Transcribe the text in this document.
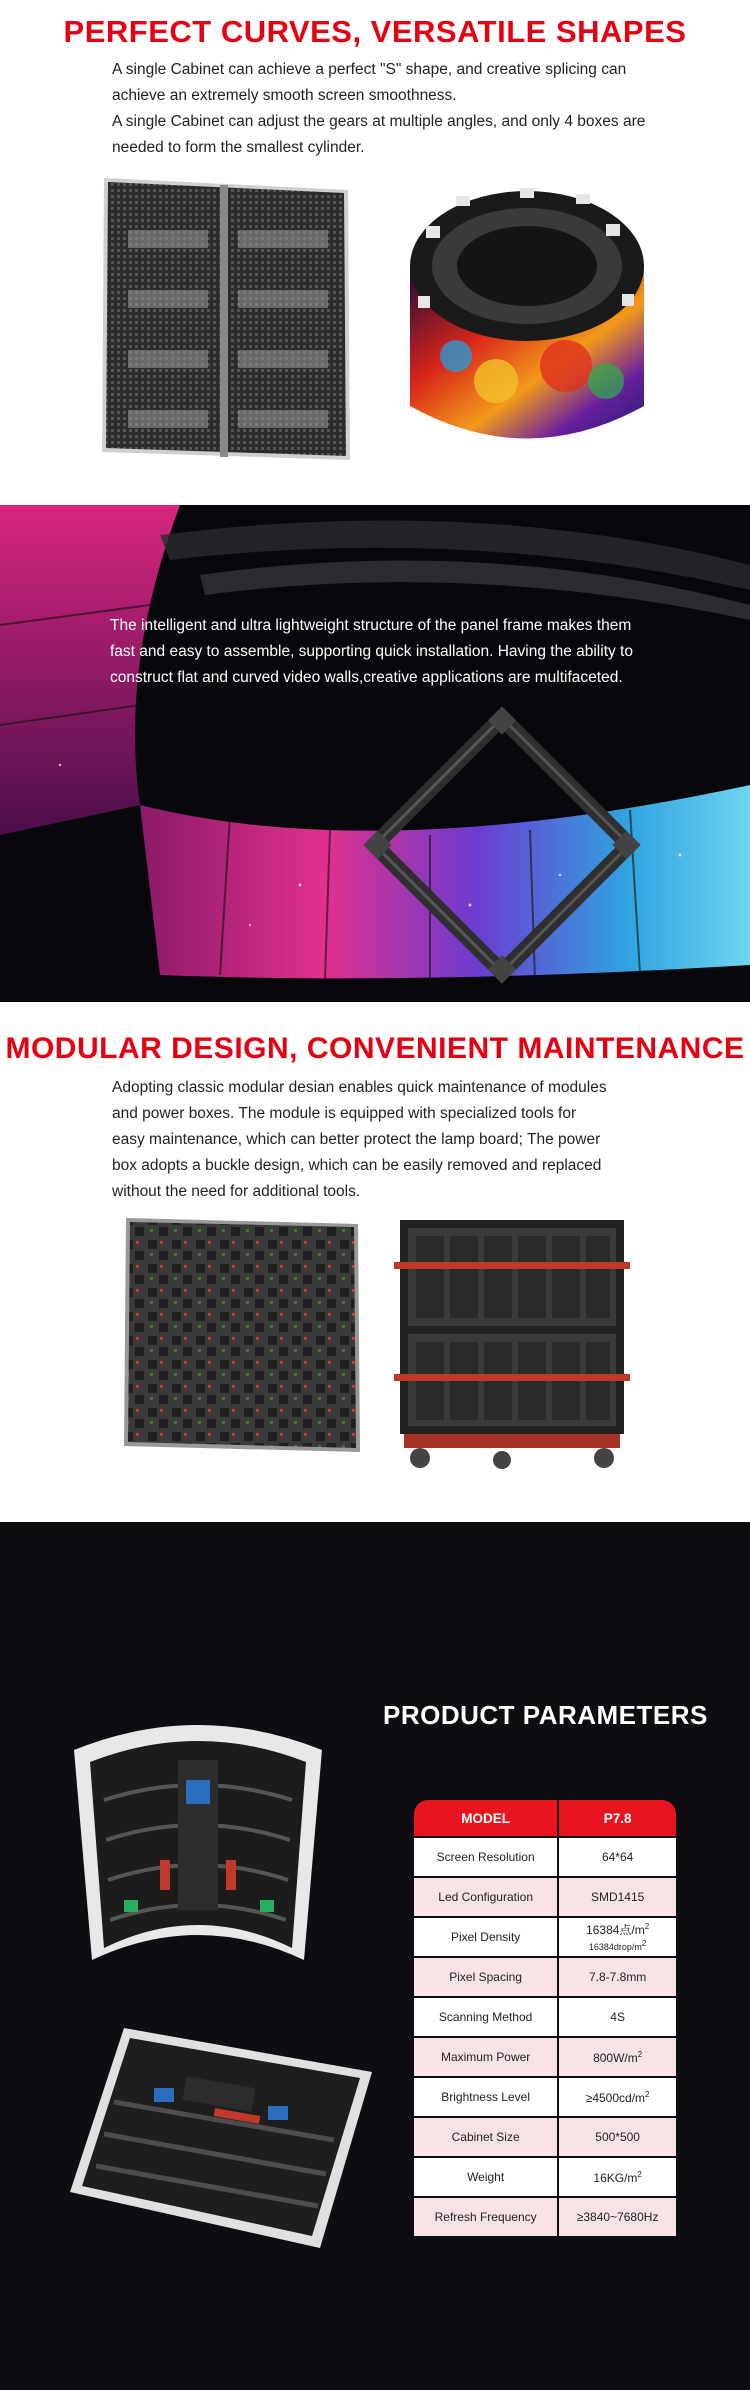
PERFECT CURVES, VERSATILE SHAPES

A single Cabinet can achieve a perfect "S" shape, and creative splicing can achieve an extremely smooth screen smoothness.

A single Cabinet can adjust the gears at multiple angles, and only 4 boxes are needed to form the smallest cylinder.

The intelligent and ultra lightweight structure of the panel frame makes them fast and easy to assemble, supporting quick installation. Having the ability to construct flat and curved video walls,creative applications are multifaceted.

MODULAR DESIGN, CONVENIENT MAINTENANCE

Adopting classic modular desian enables quick maintenance of modules and power boxes. The module is equipped with specialized tools for easy maintenance, which can better protect the lamp board; The power box adopts a buckle design, which can be easily removed and replaced without the need for additional tools.

PRODUCT PARAMETERS
MODEL	P7.8
Screen Resolution	64*64
Led Configuration	SMD1415
Pixel Density	16384点$/m^2$
16384drop/m2

Pixel Spacing	7.8-7.8mm
Scanning Method	4S
Maximum Power	$800W/m^2$
Brightness Level	$\ge 4500cd/m^2$
Cabinet Size	500*500
Weight	$16KG/m^2$
Refresh Frequency	≥3840~7680Hz
